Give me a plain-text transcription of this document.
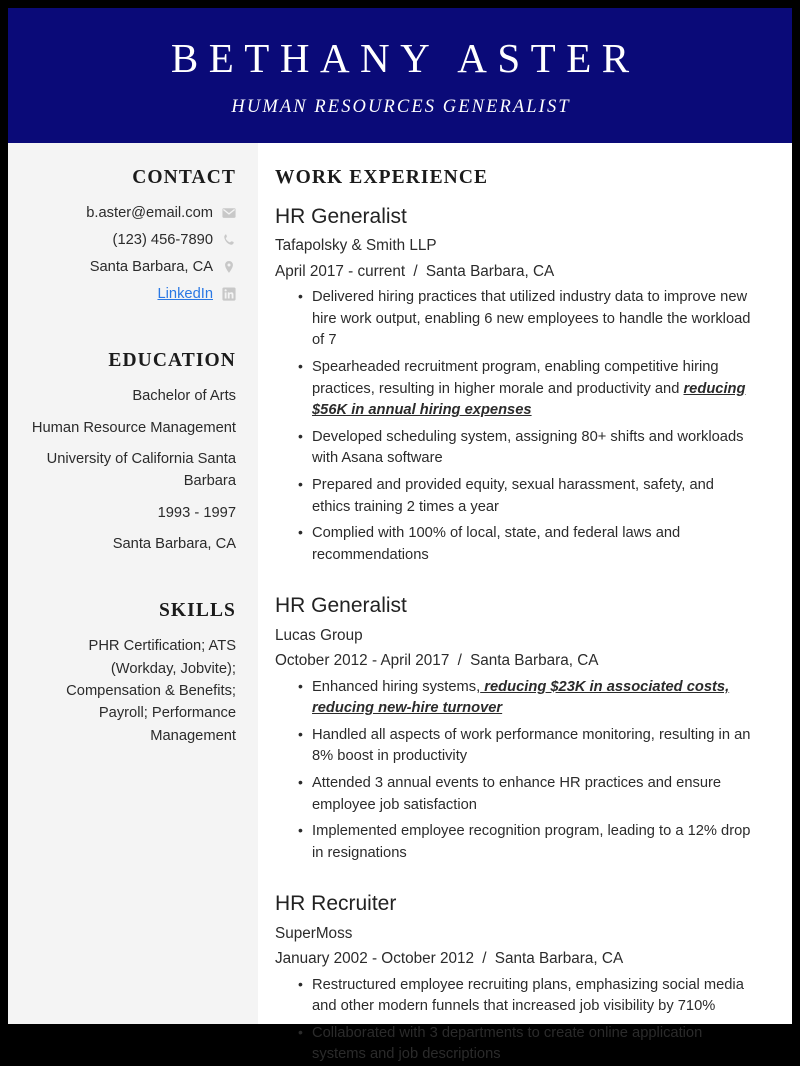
BETHANY ASTER
HUMAN RESOURCES GENERALIST
CONTACT
b.aster@email.com
(123) 456-7890
Santa Barbara, CA
LinkedIn
EDUCATION
Bachelor of Arts
Human Resource Management
University of California Santa Barbara
1993 - 1997
Santa Barbara, CA
SKILLS
PHR Certification; ATS (Workday, Jobvite); Compensation & Benefits; Payroll; Performance Management
WORK EXPERIENCE
HR Generalist
Tafapolsky & Smith LLP
April 2017 - current / Santa Barbara, CA
• Delivered hiring practices that utilized industry data to improve new hire work output, enabling 6 new employees to handle the workload of 7
• Spearheaded recruitment program, enabling competitive hiring practices, resulting in higher morale and productivity and reducing $56K in annual hiring expenses
• Developed scheduling system, assigning 80+ shifts and workloads with Asana software
• Prepared and provided equity, sexual harassment, safety, and ethics training 2 times a year
• Complied with 100% of local, state, and federal laws and recommendations
HR Generalist
Lucas Group
October 2012 - April 2017 / Santa Barbara, CA
• Enhanced hiring systems, reducing $23K in associated costs, reducing new-hire turnover
• Handled all aspects of work performance monitoring, resulting in an 8% boost in productivity
• Attended 3 annual events to enhance HR practices and ensure employee job satisfaction
• Implemented employee recognition program, leading to a 12% drop in resignations
HR Recruiter
SuperMoss
January 2002 - October 2012 / Santa Barbara, CA
• Restructured employee recruiting plans, emphasizing social media and other modern funnels that increased job visibility by 710%
• Collaborated with 3 departments to create online application systems and job descriptions
